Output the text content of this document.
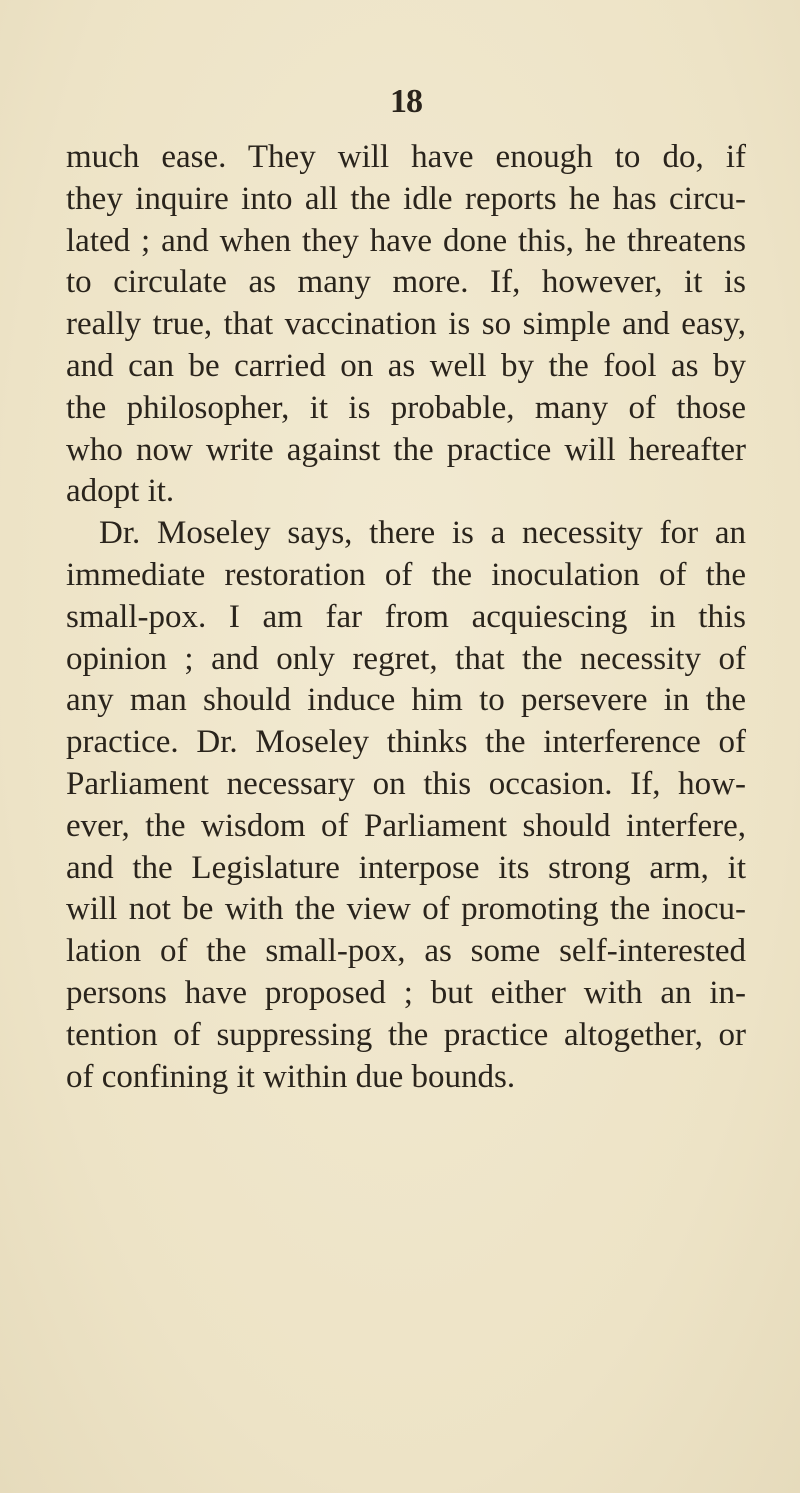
18
much ease. They will have enough to do, if
they inquire into all the idle reports he has circu-
lated ; and when they have done this, he threatens
to circulate as many more. If, however, it is
really true, that vaccination is so simple and easy,
and can be carried on as well by the fool as by
the philosopher, it is probable, many of those
who now write against the practice will hereafter
adopt it.
Dr. Moseley says, there is a necessity for an
immediate restoration of the inoculation of the
small-pox. I am far from acquiescing in this
opinion ; and only regret, that the necessity of
any man should induce him to persevere in the
practice. Dr. Moseley thinks the interference of
Parliament necessary on this occasion. If, how-
ever, the wisdom of Parliament should interfere,
and the Legislature interpose its strong arm, it
will not be with the view of promoting the inocu-
lation of the small-pox, as some self-interested
persons have proposed ; but either with an in-
tention of suppressing the practice altogether, or
of confining it within due bounds.
